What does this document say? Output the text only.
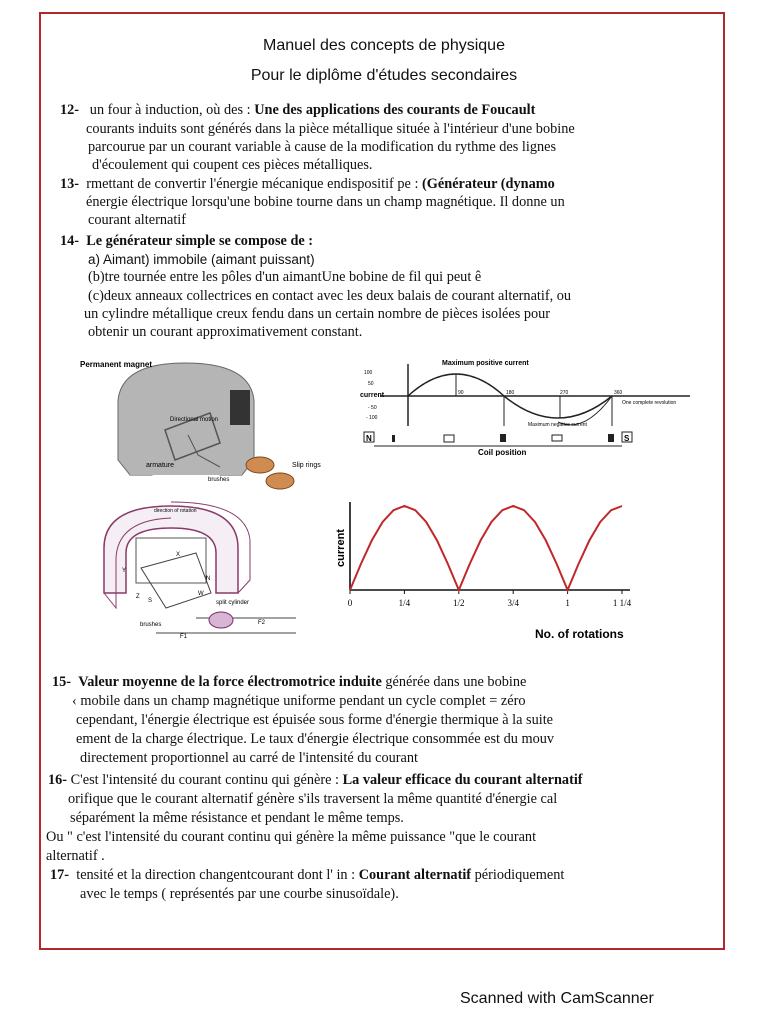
Manuel des concepts de physique
Pour le diplôme d'études secondaires
12- un four à induction, où des : Une des applications des courants de Foucault
courants induits sont générés dans la pièce métallique située à l'intérieur d'une bobine
parcourue par un courant variable à cause de la modification du rythme des lignes
d'écoulement qui coupent ces pièces métalliques.
13- rmettant de convertir l'énergie mécanique endispositif pe : (Générateur (dynamo
énergie électrique lorsqu'une bobine tourne dans un champ magnétique. Il donne un
courant alternatif
14- Le générateur simple se compose de :
a) Aimant) immobile (aimant puissant)
(b)tre tournée entre les pôles d'un aimantUne bobine de fil qui peut ê
(c)deux anneaux collectrices en contact avec les deux balais de courant alternatif, ou
un cylindre métallique creux fendu dans un certain nombre de pièces isolées pour
obtenir un courant approximativement constant.
Permanent magnet
Directional motion
armature	Slip rings
brushes
Maximum positive current
100
50
current
- 50
- 100
90	180	270	360
Maximum negative current
One complete revolution
N	S
Coil position
direction of rotation
split cylinder
brushes
Y
X
Z
S
W
N
F1
F2
current
No. of rotations
0	1/4	1/2	3/4	1	1 1/4
15- Valeur moyenne de la force électromotrice induite générée dans une bobine
‹ mobile dans un champ magnétique uniforme pendant un cycle complet = zéro
cependant, l'énergie électrique est épuisée sous forme d'énergie thermique à la suite
ement de la charge électrique. Le taux d'énergie électrique consommée est du mouv
directement proportionnel au carré de l'intensité du courant
16- C'est l'intensité du courant continu qui génère : La valeur efficace du courant alternatif
orifique que le courant alternatif génère s'ils traversent la même quantité d'énergie cal
séparément la même résistance et pendant le même temps.
Ou " c'est l'intensité du courant continu qui génère la même puissance "que le courant
alternatif .
17- tensité et la direction changentcourant dont l' in : Courant alternatif périodiquement
avec le temps ( représentés par une courbe sinusoïdale).
Scanned with CamScanner
